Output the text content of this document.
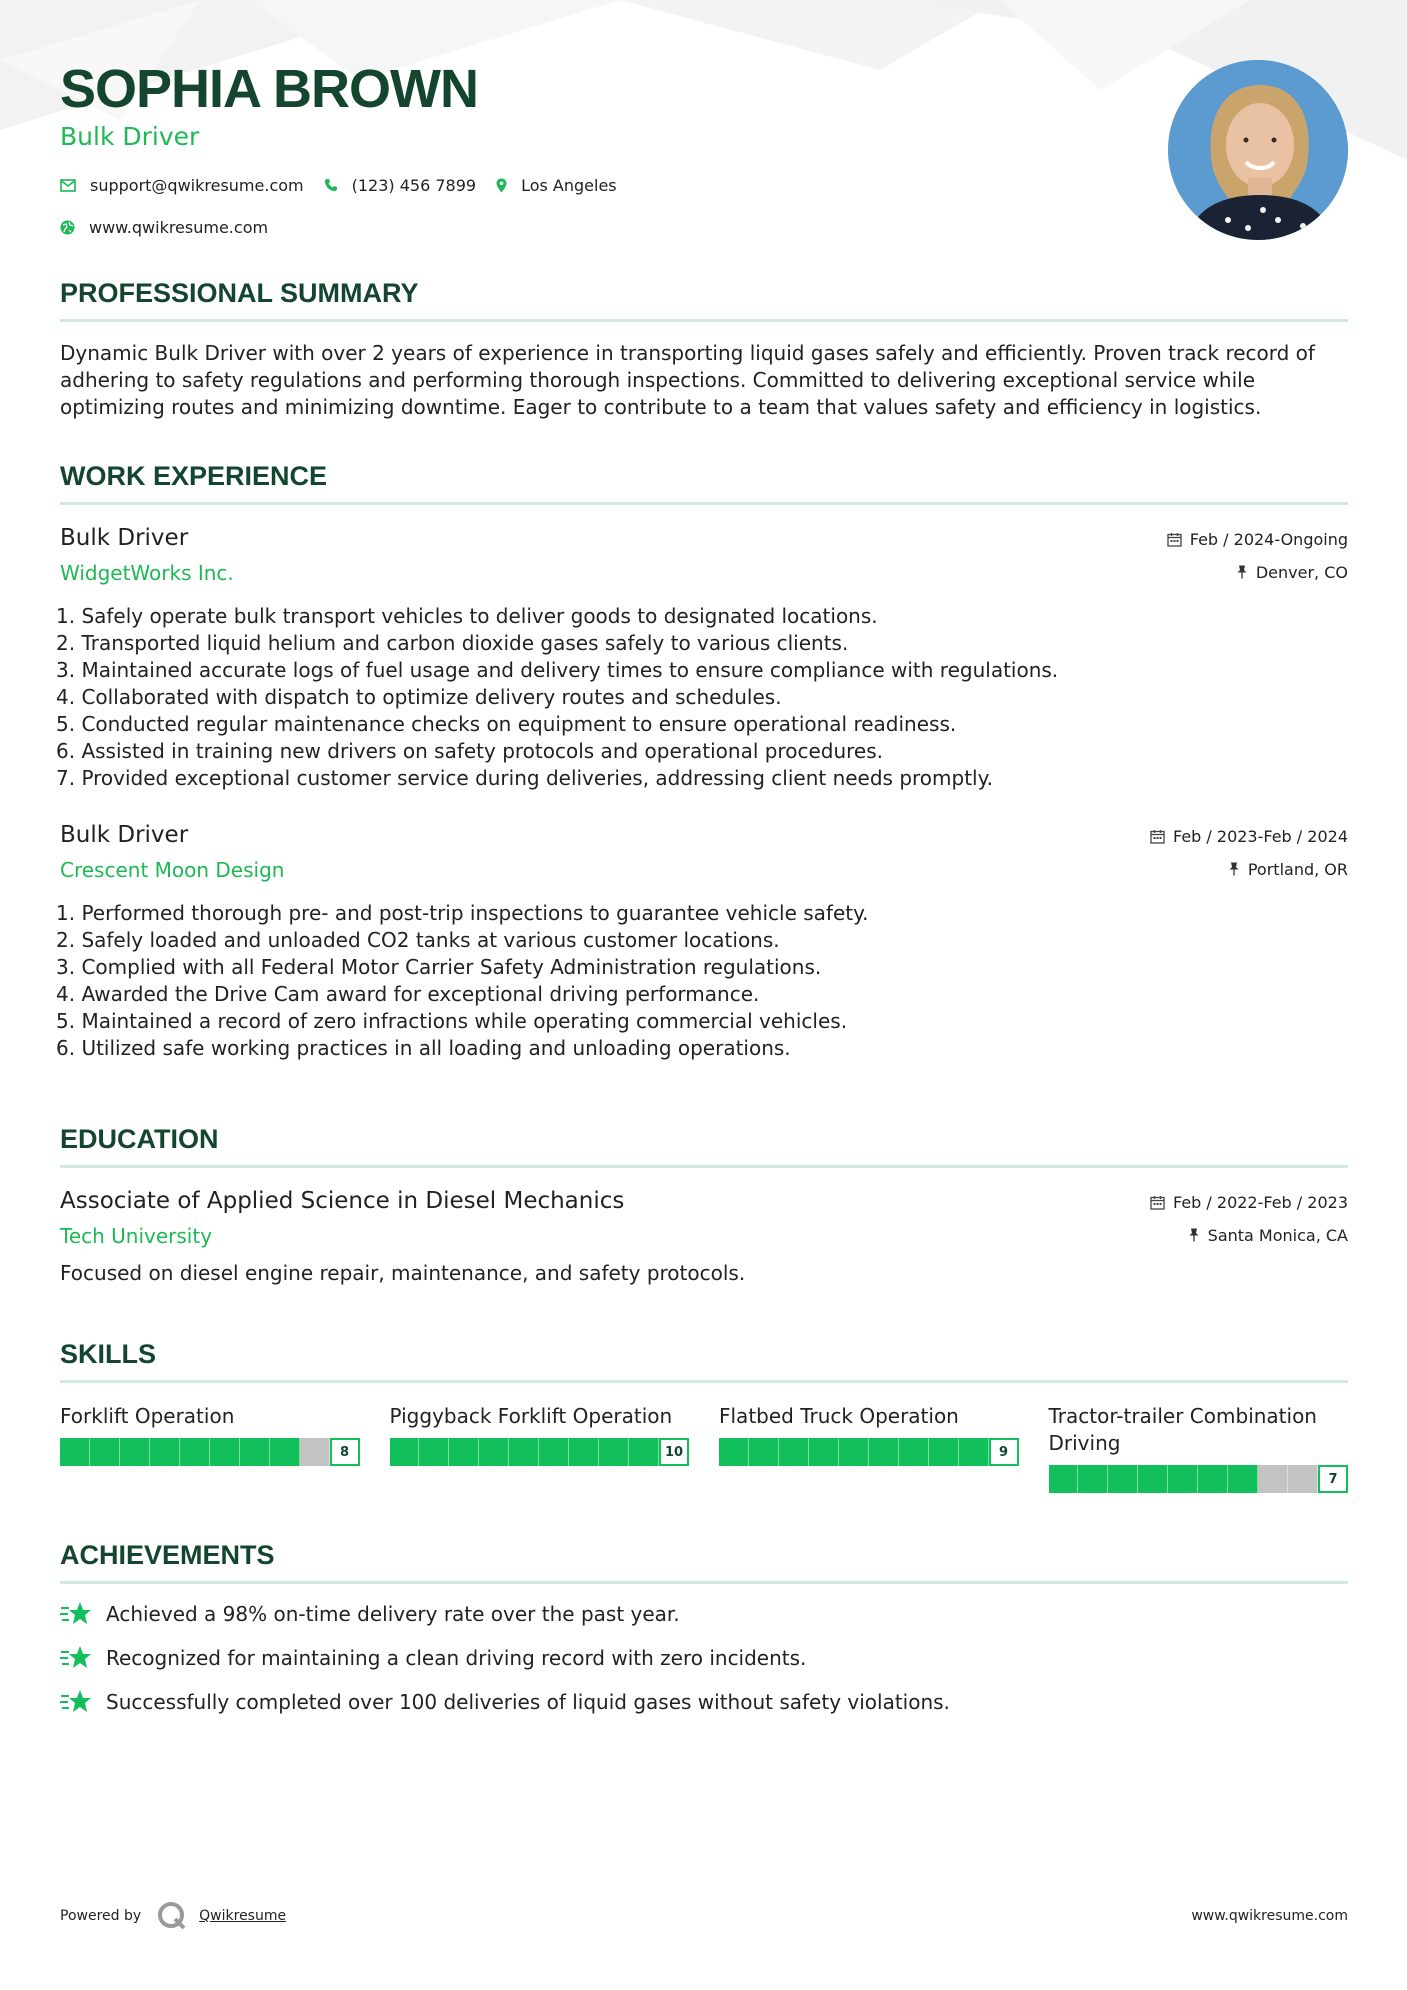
SOPHIA BROWN
Bulk Driver
support@qwikresume.com	(123) 456 7899	Los Angeles
www.qwikresume.com
PROFESSIONAL SUMMARY
Dynamic Bulk Driver with over 2 years of experience in transporting liquid gases safely and efficiently. Proven track record of adhering to safety regulations and performing thorough inspections. Committed to delivering exceptional service while optimizing routes and minimizing downtime. Eager to contribute to a team that values safety and efficiency in logistics.
WORK EXPERIENCE
Bulk Driver
WidgetWorks Inc.
Feb / 2024-Ongoing
Denver, CO
1. Safely operate bulk transport vehicles to deliver goods to designated locations.
2. Transported liquid helium and carbon dioxide gases safely to various clients.
3. Maintained accurate logs of fuel usage and delivery times to ensure compliance with regulations.
4. Collaborated with dispatch to optimize delivery routes and schedules.
5. Conducted regular maintenance checks on equipment to ensure operational readiness.
6. Assisted in training new drivers on safety protocols and operational procedures.
7. Provided exceptional customer service during deliveries, addressing client needs promptly.
Bulk Driver
Crescent Moon Design
Feb / 2023-Feb / 2024
Portland, OR
1. Performed thorough pre- and post-trip inspections to guarantee vehicle safety.
2. Safely loaded and unloaded CO2 tanks at various customer locations.
3. Complied with all Federal Motor Carrier Safety Administration regulations.
4. Awarded the Drive Cam award for exceptional driving performance.
5. Maintained a record of zero infractions while operating commercial vehicles.
6. Utilized safe working practices in all loading and unloading operations.
EDUCATION
Associate of Applied Science in Diesel Mechanics
Tech University
Feb / 2022-Feb / 2023
Santa Monica, CA
Focused on diesel engine repair, maintenance, and safety protocols.
SKILLS
Forklift Operation
8
Piggyback Forklift Operation
10
Flatbed Truck Operation
9
Tractor-trailer Combination Driving
7
ACHIEVEMENTS
Achieved a 98% on-time delivery rate over the past year.
Recognized for maintaining a clean driving record with zero incidents.
Successfully completed over 100 deliveries of liquid gases without safety violations.
Powered by	Qwikresume	www.qwikresume.com
